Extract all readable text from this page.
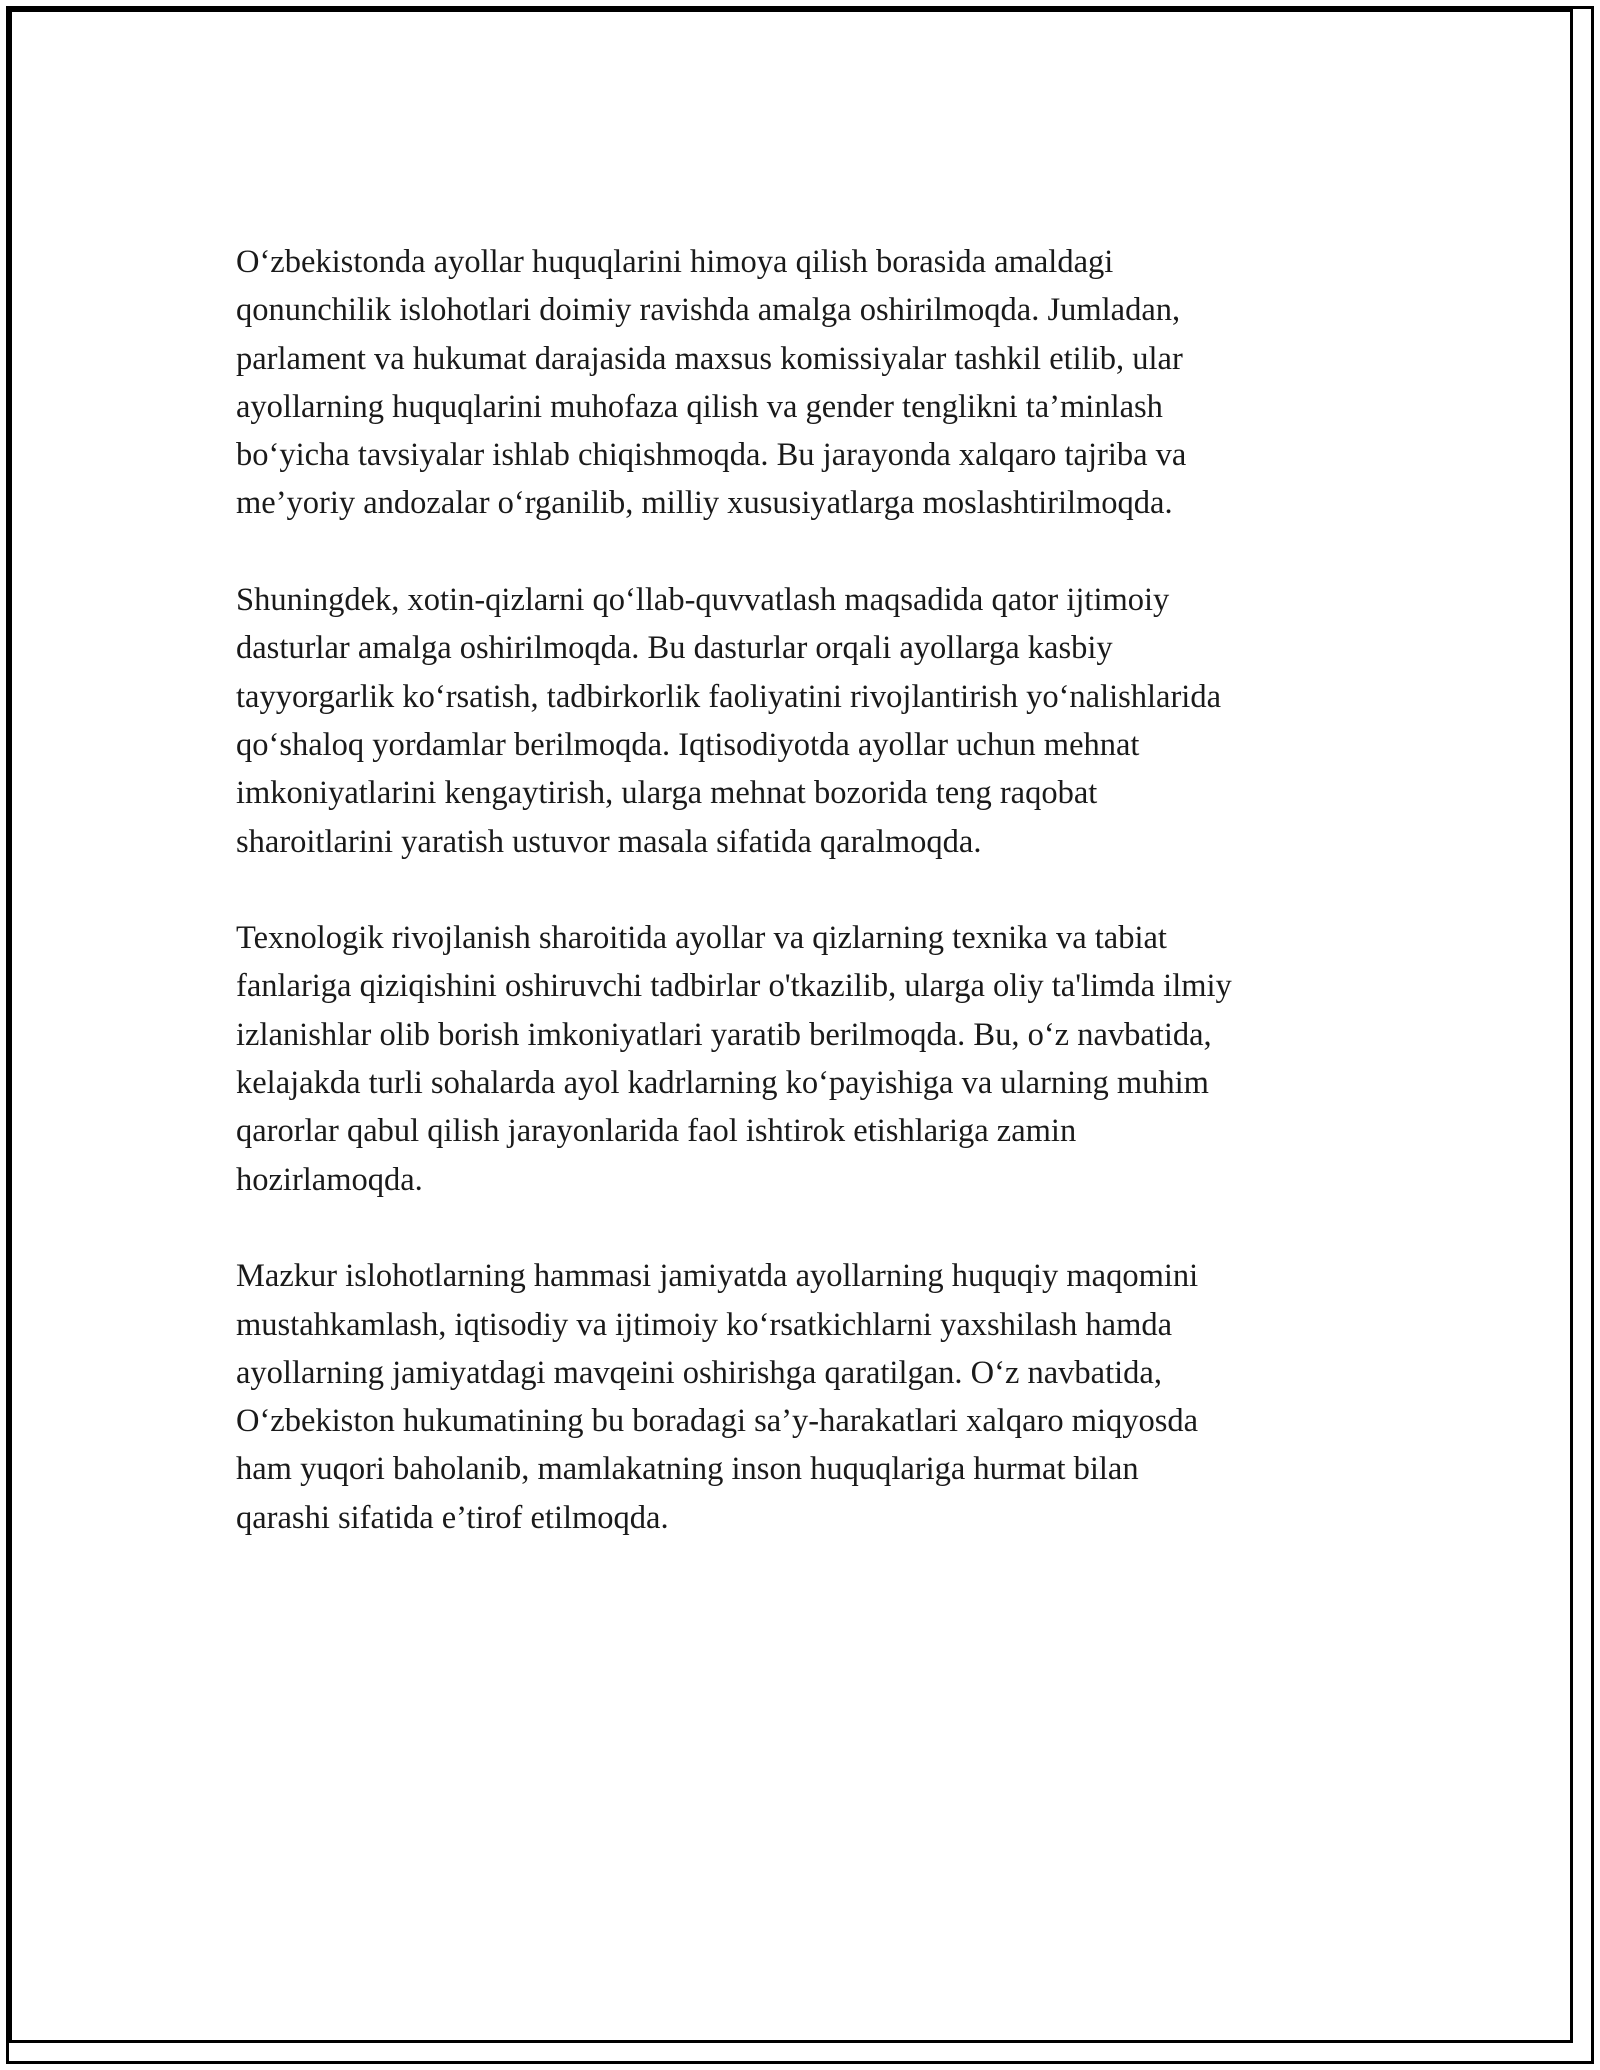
O‘zbekistonda ayollar huquqlarini himoya qilish borasida amaldagi
qonunchilik islohotlari doimiy ravishda amalga oshirilmoqda. Jumladan,
parlament va hukumat darajasida maxsus komissiyalar tashkil etilib, ular
ayollarning huquqlarini muhofaza qilish va gender tenglikni ta’minlash
bo‘yicha tavsiyalar ishlab chiqishmoqda. Bu jarayonda xalqaro tajriba va
me’yoriy andozalar o‘rganilib, milliy xususiyatlarga moslashtirilmoqda.

Shuningdek, xotin-qizlarni qo‘llab-quvvatlash maqsadida qator ijtimoiy
dasturlar amalga oshirilmoqda. Bu dasturlar orqali ayollarga kasbiy
tayyorgarlik ko‘rsatish, tadbirkorlik faoliyatini rivojlantirish yo‘nalishlarida
qo‘shaloq yordamlar berilmoqda. Iqtisodiyotda ayollar uchun mehnat
imkoniyatlarini kengaytirish, ularga mehnat bozorida teng raqobat
sharoitlarini yaratish ustuvor masala sifatida qaralmoqda.

Texnologik rivojlanish sharoitida ayollar va qizlarning texnika va tabiat
fanlariga qiziqishini oshiruvchi tadbirlar o'tkazilib, ularga oliy ta'limda ilmiy
izlanishlar olib borish imkoniyatlari yaratib berilmoqda. Bu, o‘z navbatida,
kelajakda turli sohalarda ayol kadrlarning ko‘payishiga va ularning muhim
qarorlar qabul qilish jarayonlarida faol ishtirok etishlariga zamin
hozirlamoqda.

Mazkur islohotlarning hammasi jamiyatda ayollarning huquqiy maqomini
mustahkamlash, iqtisodiy va ijtimoiy ko‘rsatkichlarni yaxshilash hamda
ayollarning jamiyatdagi mavqeini oshirishga qaratilgan. O‘z navbatida,
O‘zbekiston hukumatining bu boradagi sa’y-harakatlari xalqaro miqyosda
ham yuqori baholanib, mamlakatning inson huquqlariga hurmat bilan
qarashi sifatida e’tirof etilmoqda.
